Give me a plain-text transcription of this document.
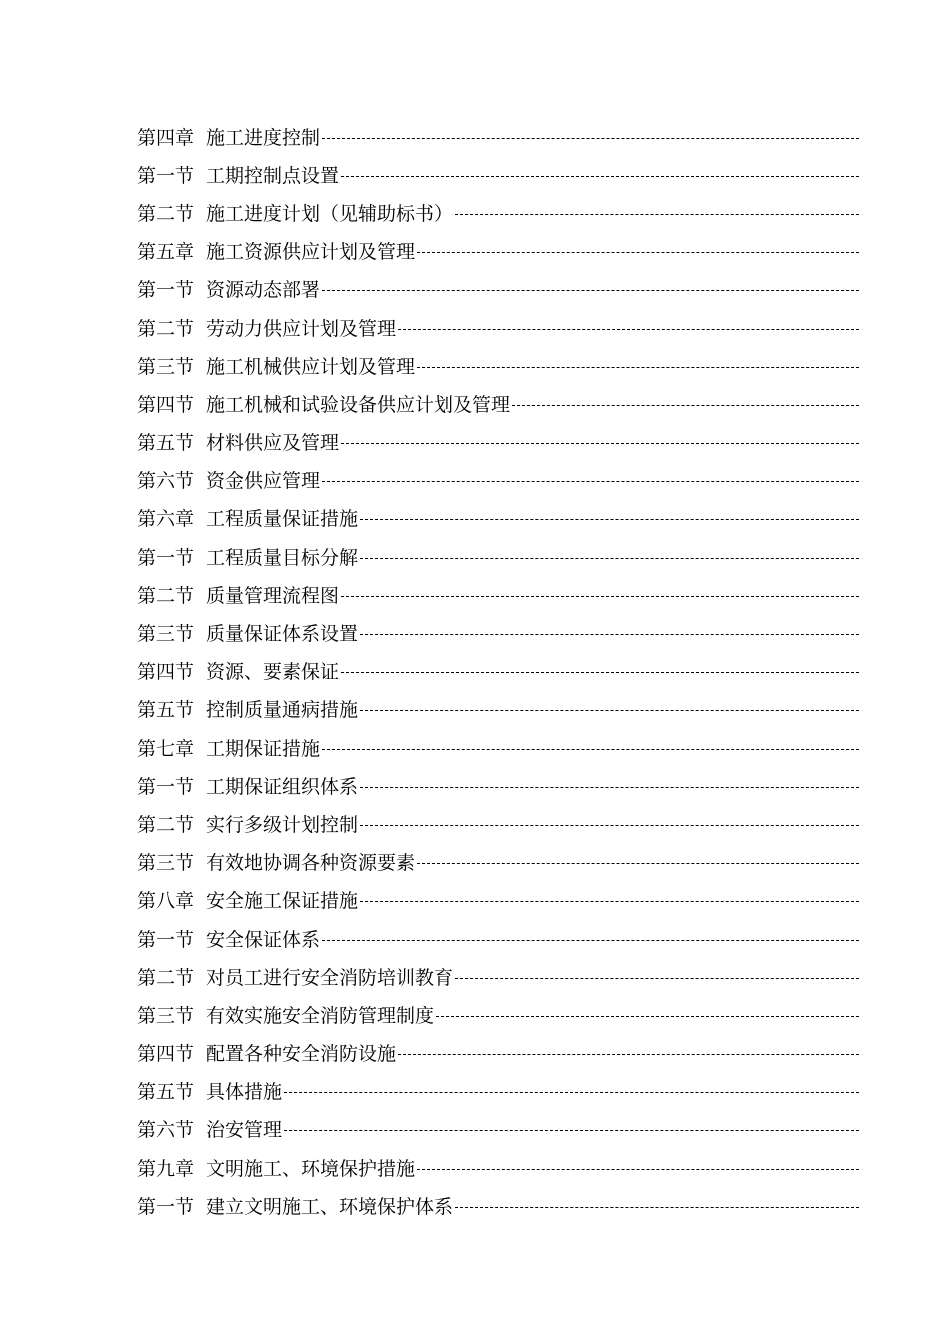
第四章 施工进度控制
第一节 工期控制点设置
第二节 施工进度计划（见辅助标书）
第五章 施工资源供应计划及管理
第一节 资源动态部署
第二节 劳动力供应计划及管理
第三节 施工机械供应计划及管理
第四节 施工机械和试验设备供应计划及管理
第五节 材料供应及管理
第六节 资金供应管理
第六章 工程质量保证措施
第一节 工程质量目标分解
第二节 质量管理流程图
第三节 质量保证体系设置
第四节 资源、要素保证
第五节 控制质量通病措施
第七章 工期保证措施
第一节 工期保证组织体系
第二节 实行多级计划控制
第三节 有效地协调各种资源要素
第八章 安全施工保证措施
第一节 安全保证体系
第二节 对员工进行安全消防培训教育
第三节 有效实施安全消防管理制度
第四节 配置各种安全消防设施
第五节 具体措施
第六节 治安管理
第九章 文明施工、环境保护措施
第一节 建立文明施工、环境保护体系
